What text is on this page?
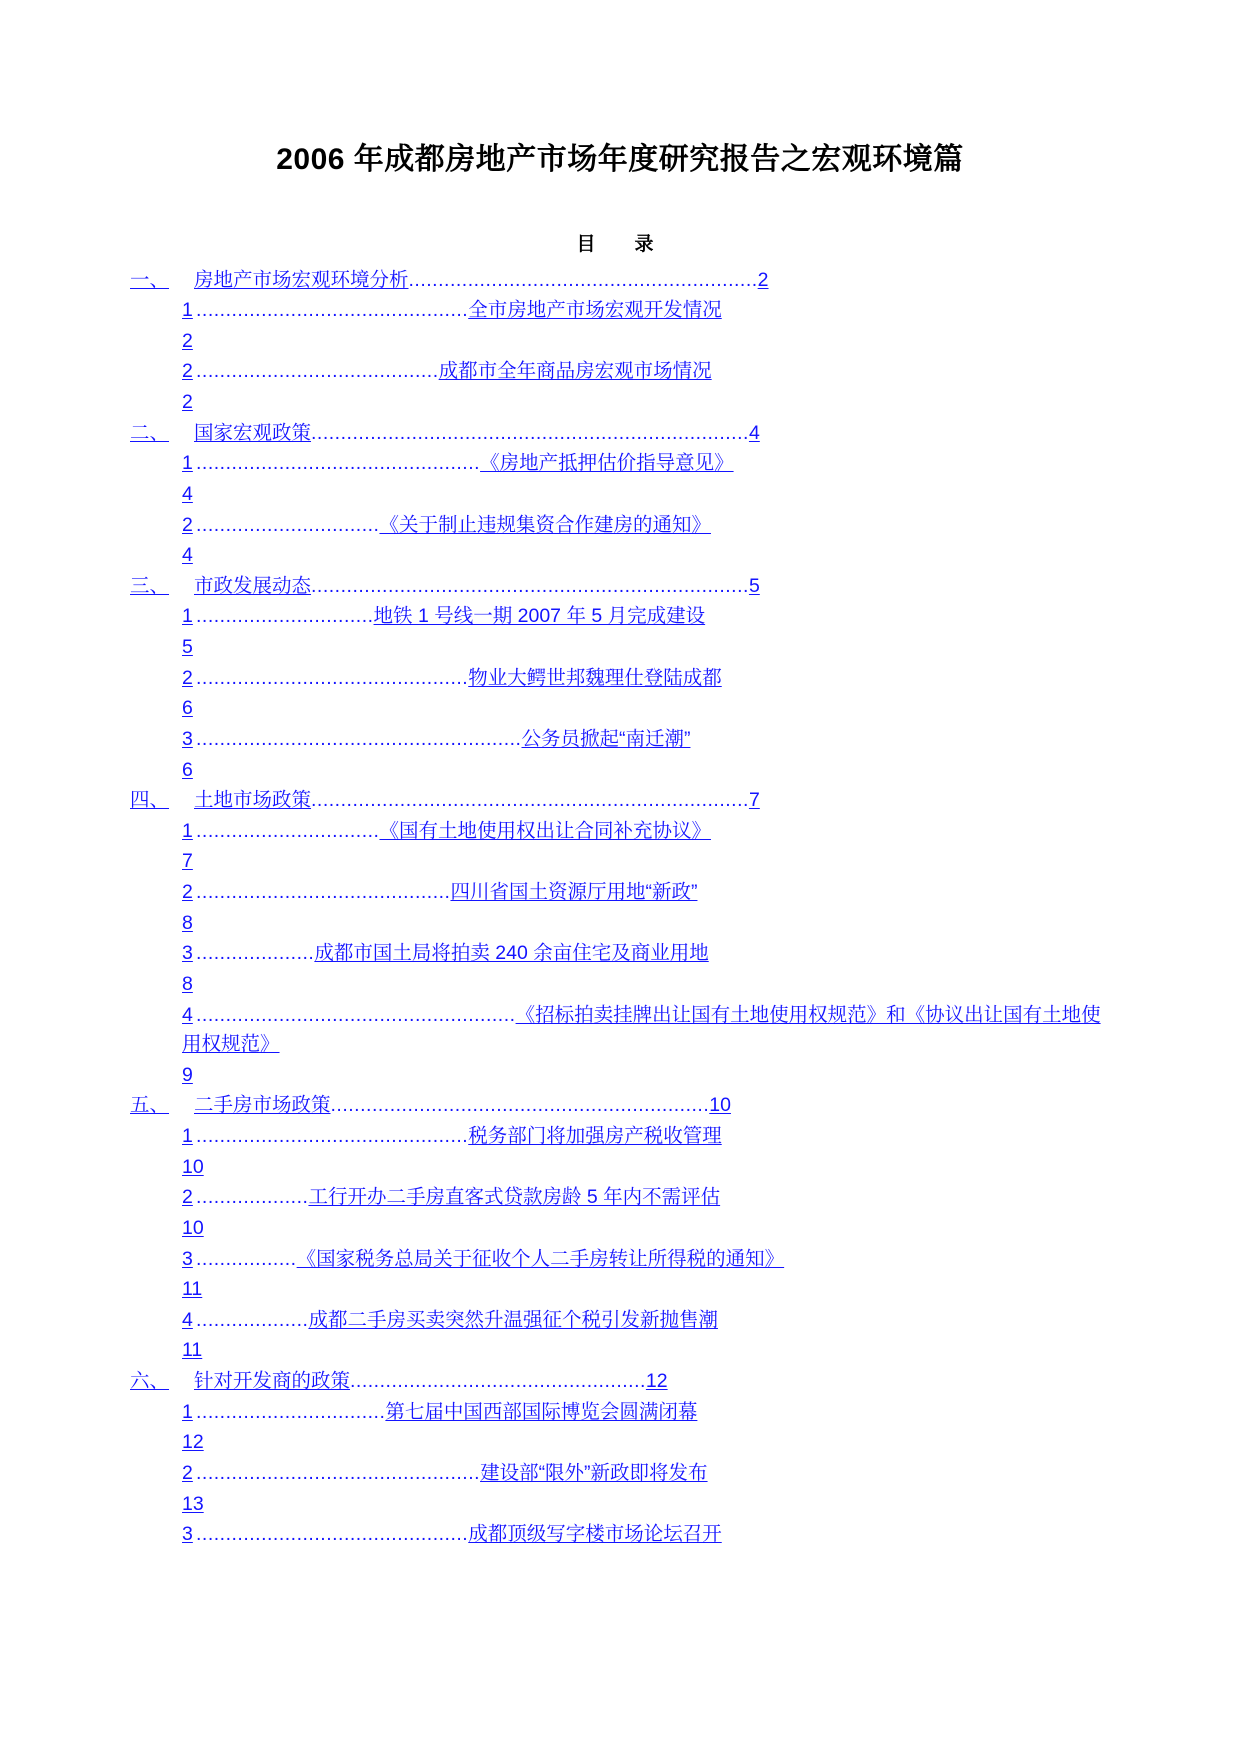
2006 年成都房地产市场年度研究报告之宏观环境篇
目　录
一、 房地产市场宏观环境分析...........................................................2
1 ..............................................全市房地产市场宏观开发情况
2
2 .........................................成都市全年商品房宏观市场情况
2
二、 国家宏观政策..........................................................................4
1 ................................................《房地产抵押估价指导意见》
4
2 ...............................《关于制止违规集资合作建房的通知》
4
三、 市政发展动态..........................................................................5
1 ..............................地铁 1 号线一期 2007 年 5 月完成建设
5
2 ..............................................物业大鳄世邦魏理仕登陆成都
6
3 .......................................................公务员掀起“南迁潮”
6
四、 土地市场政策..........................................................................7
1 ...............................《国有土地使用权出让合同补充协议》
7
2 ...........................................四川省国土资源厅用地“新政”
8
3 ....................成都市国土局将拍卖 240 余亩住宅及商业用地
8
4 ......................................................《招标拍卖挂牌出让国有土地使用权规范》和《协议出让国有土地使用权规范》
9
五、 二手房市场政策................................................................10
1 ..............................................税务部门将加强房产税收管理
10
2 ...................工行开办二手房直客式贷款房龄 5 年内不需评估
10
3 .................《国家税务总局关于征收个人二手房转让所得税的通知》
11
4 ...................成都二手房买卖突然升温强征个税引发新抛售潮
11
六、 针对开发商的政策..................................................12
1 ................................第七届中国西部国际博览会圆满闭幕
12
2 ................................................建设部“限外”新政即将发布
13
3 ..............................................成都顶级写字楼市场论坛召开
